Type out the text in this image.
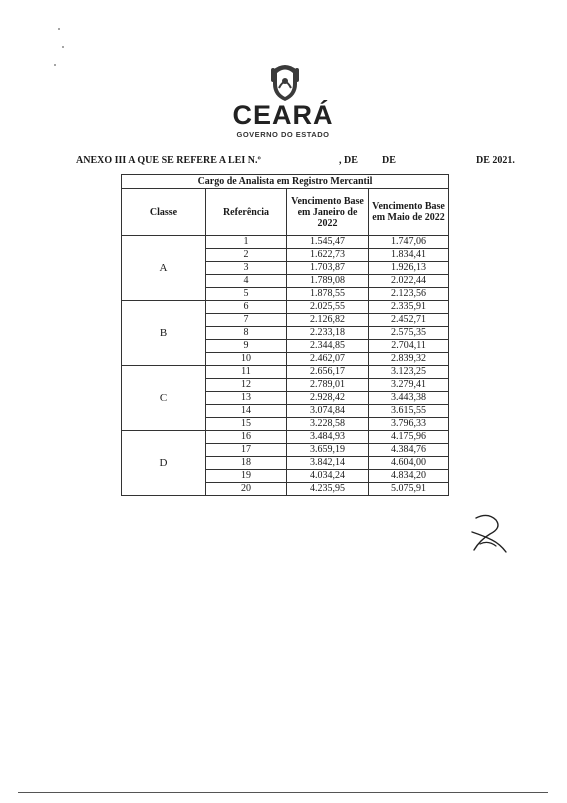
CEARÁ
GOVERNO DO ESTADO
ANEXO III A QUE SE REFERE A LEI N.º	, DE DE	DE 2021.
Cargo de Analista em Registro Mercantil			
Classe	Referência	Vencimento Base em Janeiro de 2022	Vencimento Base em Maio de 2022
A	1	1.545,47	1.747,06
	2	1.622,73	1.834,41
	3	1.703,87	1.926,13
	4	1.789,08	2.022,44
	5	1.878,55	2.123,56
B	6	2.025,55	2.335,91
	7	2.126,82	2.452,71
	8	2.233,18	2.575,35
	9	2.344,85	2.704,11
	10	2.462,07	2.839,32
C	11	2.656,17	3.123,25
	12	2.789,01	3.279,41
	13	2.928,42	3.443,38
	14	3.074,84	3.615,55
	15	3.228,58	3.796,33
D	16	3.484,93	4.175,96
	17	3.659,19	4.384,76
	18	3.842,14	4.604,00
	19	4.034,24	4.834,20
	20	4.235,95	5.075,91
